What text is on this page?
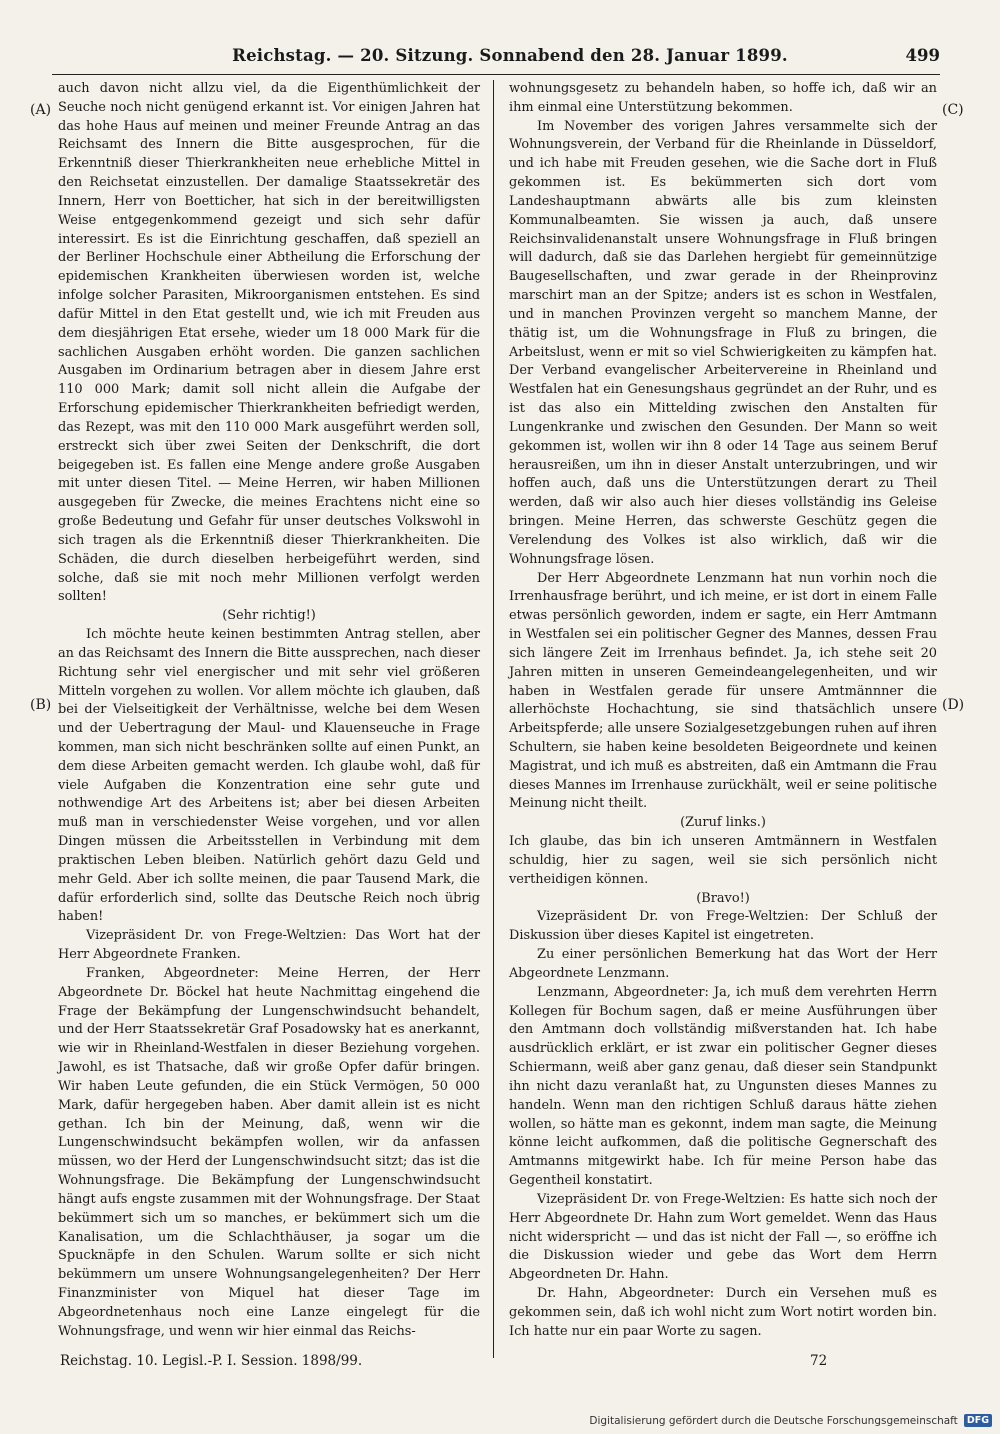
Reichstag. — 20. Sitzung. Sonnabend den 28. Januar 1899.	499
(A)
(B)
(C)
(D)

auch davon nicht allzu viel, da die Eigenthümlichkeit der Seuche noch nicht genügend erkannt ist. Vor einigen Jahren hat das hohe Haus auf meinen und meiner Freunde Antrag an das Reichsamt des Innern die Bitte ausgesprochen, für die Erkenntniß dieser Thierkrankheiten neue erhebliche Mittel in den Reichsetat einzustellen. Der damalige Staatssekretär des Innern, Herr von Boetticher, hat sich in der bereitwilligsten Weise entgegenkommend gezeigt und sich sehr dafür interessirt. Es ist die Einrichtung geschaffen, daß speziell an der Berliner Hochschule einer Abtheilung die Erforschung der epidemischen Krankheiten überwiesen worden ist, welche infolge solcher Parasiten, Mikroorganismen entstehen. Es sind dafür Mittel in den Etat gestellt und, wie ich mit Freuden aus dem diesjährigen Etat ersehe, wieder um 18 000 Mark für die sachlichen Ausgaben erhöht worden. Die ganzen sachlichen Ausgaben im Ordinarium betragen aber in diesem Jahre erst 110 000 Mark; damit soll nicht allein die Aufgabe der Erforschung epidemischer Thierkrankheiten befriedigt werden, das Rezept, was mit den 110 000 Mark ausgeführt werden soll, erstreckt sich über zwei Seiten der Denkschrift, die dort beigegeben ist. Es fallen eine Menge andere große Ausgaben mit unter diesen Titel. — Meine Herren, wir haben Millionen ausgegeben für Zwecke, die meines Erachtens nicht eine so große Bedeutung und Gefahr für unser deutsches Volkswohl in sich tragen als die Erkenntniß dieser Thierkrankheiten. Die Schäden, die durch dieselben herbeigeführt werden, sind solche, daß sie mit noch mehr Millionen verfolgt werden sollten!

(Sehr richtig!)

Ich möchte heute keinen bestimmten Antrag stellen, aber an das Reichsamt des Innern die Bitte aussprechen, nach dieser Richtung sehr viel energischer und mit sehr viel größeren Mitteln vorgehen zu wollen. Vor allem möchte ich glauben, daß bei der Vielseitigkeit der Verhältnisse, welche bei dem Wesen und der Uebertragung der Maul- und Klauenseuche in Frage kommen, man sich nicht beschränken sollte auf einen Punkt, an dem diese Arbeiten gemacht werden. Ich glaube wohl, daß für viele Aufgaben die Konzentration eine sehr gute und nothwendige Art des Arbeitens ist; aber bei diesen Arbeiten muß man in verschiedenster Weise vorgehen, und vor allen Dingen müssen die Arbeitsstellen in Verbindung mit dem praktischen Leben bleiben. Natürlich gehört dazu Geld und mehr Geld. Aber ich sollte meinen, die paar Tausend Mark, die dafür erforderlich sind, sollte das Deutsche Reich noch übrig haben!

Vizepräsident Dr. von Frege-Weltzien: Das Wort hat der Herr Abgeordnete Franken.

Franken, Abgeordneter: Meine Herren, der Herr Abgeordnete Dr. Böckel hat heute Nachmittag eingehend die Frage der Bekämpfung der Lungenschwindsucht behandelt, und der Herr Staatssekretär Graf Posadowsky hat es anerkannt, wie wir in Rheinland-Westfalen in dieser Beziehung vorgehen. Jawohl, es ist Thatsache, daß wir große Opfer dafür bringen. Wir haben Leute gefunden, die ein Stück Vermögen, 50 000 Mark, dafür hergegeben haben. Aber damit allein ist es nicht gethan. Ich bin der Meinung, daß, wenn wir die Lungenschwindsucht bekämpfen wollen, wir da anfassen müssen, wo der Herd der Lungenschwindsucht sitzt; das ist die Wohnungsfrage. Die Bekämpfung der Lungenschwindsucht hängt aufs engste zusammen mit der Wohnungsfrage. Der Staat bekümmert sich um so manches, er bekümmert sich um die Kanalisation, um die Schlachthäuser, ja sogar um die Spucknäpfe in den Schulen. Warum sollte er sich nicht bekümmern um unsere Wohnungsangelegenheiten? Der Herr Finanzminister von Miquel hat dieser Tage im Abgeordnetenhaus noch eine Lanze eingelegt für die Wohnungsfrage, und wenn wir hier einmal das Reichs-

wohnungsgesetz zu behandeln haben, so hoffe ich, daß wir an ihm einmal eine Unterstützung bekommen.

Im November des vorigen Jahres versammelte sich der Wohnungsverein, der Verband für die Rheinlande in Düsseldorf, und ich habe mit Freuden gesehen, wie die Sache dort in Fluß gekommen ist. Es bekümmerten sich dort vom Landeshauptmann abwärts alle bis zum kleinsten Kommunalbeamten. Sie wissen ja auch, daß unsere Reichsinvalidenanstalt unsere Wohnungsfrage in Fluß bringen will dadurch, daß sie das Darlehen hergiebt für gemeinnützige Baugesellschaften, und zwar gerade in der Rheinprovinz marschirt man an der Spitze; anders ist es schon in Westfalen, und in manchen Provinzen vergeht so manchem Manne, der thätig ist, um die Wohnungsfrage in Fluß zu bringen, die Arbeitslust, wenn er mit so viel Schwierigkeiten zu kämpfen hat. Der Verband evangelischer Arbeitervereine in Rheinland und Westfalen hat ein Genesungshaus gegründet an der Ruhr, und es ist das also ein Mittelding zwischen den Anstalten für Lungenkranke und zwischen den Gesunden. Der Mann so weit gekommen ist, wollen wir ihn 8 oder 14 Tage aus seinem Beruf herausreißen, um ihn in dieser Anstalt unterzubringen, und wir hoffen auch, daß uns die Unterstützungen derart zu Theil werden, daß wir also auch hier dieses vollständig ins Geleise bringen. Meine Herren, das schwerste Geschütz gegen die Verelendung des Volkes ist also wirklich, daß wir die Wohnungsfrage lösen.

Der Herr Abgeordnete Lenzmann hat nun vorhin noch die Irrenhausfrage berührt, und ich meine, er ist dort in einem Falle etwas persönlich geworden, indem er sagte, ein Herr Amtmann in Westfalen sei ein politischer Gegner des Mannes, dessen Frau sich längere Zeit im Irrenhaus befindet. Ja, ich stehe seit 20 Jahren mitten in unseren Gemeindeangelegenheiten, und wir haben in Westfalen gerade für unsere Amtmännner die allerhöchste Hochachtung, sie sind thatsächlich unsere Arbeitspferde; alle unsere Sozialgesetzgebungen ruhen auf ihren Schultern, sie haben keine besoldeten Beigeordnete und keinen Magistrat, und ich muß es abstreiten, daß ein Amtmann die Frau dieses Mannes im Irrenhause zurückhält, weil er seine politische Meinung nicht theilt.

(Zuruf links.)

Ich glaube, das bin ich unseren Amtmännern in Westfalen schuldig, hier zu sagen, weil sie sich persönlich nicht vertheidigen können.

(Bravo!)

Vizepräsident Dr. von Frege-Weltzien: Der Schluß der Diskussion über dieses Kapitel ist eingetreten.

Zu einer persönlichen Bemerkung hat das Wort der Herr Abgeordnete Lenzmann.

Lenzmann, Abgeordneter: Ja, ich muß dem verehrten Herrn Kollegen für Bochum sagen, daß er meine Ausführungen über den Amtmann doch vollständig mißverstanden hat. Ich habe ausdrücklich erklärt, er ist zwar ein politischer Gegner dieses Schiermann, weiß aber ganz genau, daß dieser sein Standpunkt ihn nicht dazu veranlaßt hat, zu Ungunsten dieses Mannes zu handeln. Wenn man den richtigen Schluß daraus hätte ziehen wollen, so hätte man es gekonnt, indem man sagte, die Meinung könne leicht aufkommen, daß die politische Gegnerschaft des Amtmanns mitgewirkt habe. Ich für meine Person habe das Gegentheil konstatirt.

Vizepräsident Dr. von Frege-Weltzien: Es hatte sich noch der Herr Abgeordnete Dr. Hahn zum Wort gemeldet. Wenn das Haus nicht widerspricht — und das ist nicht der Fall —, so eröffne ich die Diskussion wieder und gebe das Wort dem Herrn Abgeordneten Dr. Hahn.

Dr. Hahn, Abgeordneter: Durch ein Versehen muß es gekommen sein, daß ich wohl nicht zum Wort notirt worden bin. Ich hatte nur ein paar Worte zu sagen.

Reichstag. 10. Legisl.-P. I. Session. 1898/99.	72
Digitalisierung gefördert durch die Deutsche Forschungsgemeinschaft DFG
